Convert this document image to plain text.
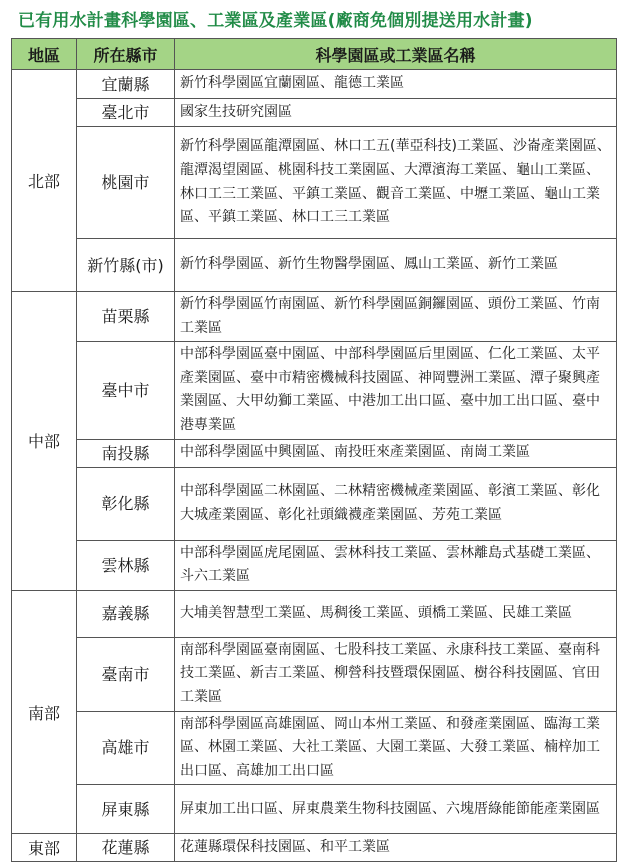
已有用水計畫科學園區、工業區及產業區(廠商免個別提送用水計畫)
地區	所在縣市	科學園區或工業區名稱
北部	宜蘭縣	新竹科學園區宜蘭園區、龍德工業區
	臺北市	國家生技研究園區
	桃園市	新竹科學園區龍潭園區、林口工五(華亞科技)工業區、沙崙產業園區、龍潭渴望園區、桃園科技工業園區、大潭濱海工業區、龜山工業區、林口工三工業區、平鎮工業區、觀音工業區、中壢工業區、龜山工業區、平鎮工業區、林口工三工業區
	新竹縣(市)	新竹科學園區、新竹生物醫學園區、鳳山工業區、新竹工業區
中部	苗栗縣	新竹科學園區竹南園區、新竹科學園區銅鑼園區、頭份工業區、竹南工業區
	臺中市	中部科學園區臺中園區、中部科學園區后里園區、仁化工業區、太平產業園區、臺中市精密機械科技園區、神岡豐洲工業區、潭子聚興產業園區、大甲幼獅工業區、中港加工出口區、臺中加工出口區、臺中港專業區
	南投縣	中部科學園區中興園區、南投旺來產業園區、南崗工業區
	彰化縣	中部科學園區二林園區、二林精密機械產業園區、彰濱工業區、彰化大城產業園區、彰化社頭織襪產業園區、芳苑工業區
	雲林縣	中部科學園區虎尾園區、雲林科技工業區、雲林離島式基礎工業區、斗六工業區
南部	嘉義縣	大埔美智慧型工業區、馬稠後工業區、頭橋工業區、民雄工業區
	臺南市	南部科學園區臺南園區、七股科技工業區、永康科技工業區、臺南科技工業區、新吉工業區、柳營科技暨環保園區、樹谷科技園區、官田工業區
	高雄市	南部科學園區高雄園區、岡山本州工業區、和發產業園區、臨海工業區、林園工業區、大社工業區、大園工業區、大發工業區、楠梓加工出口區、高雄加工出口區
	屏東縣	屏東加工出口區、屏東農業生物科技園區、六塊厝綠能節能產業園區
東部	花蓮縣	花蓮縣環保科技園區、和平工業區
